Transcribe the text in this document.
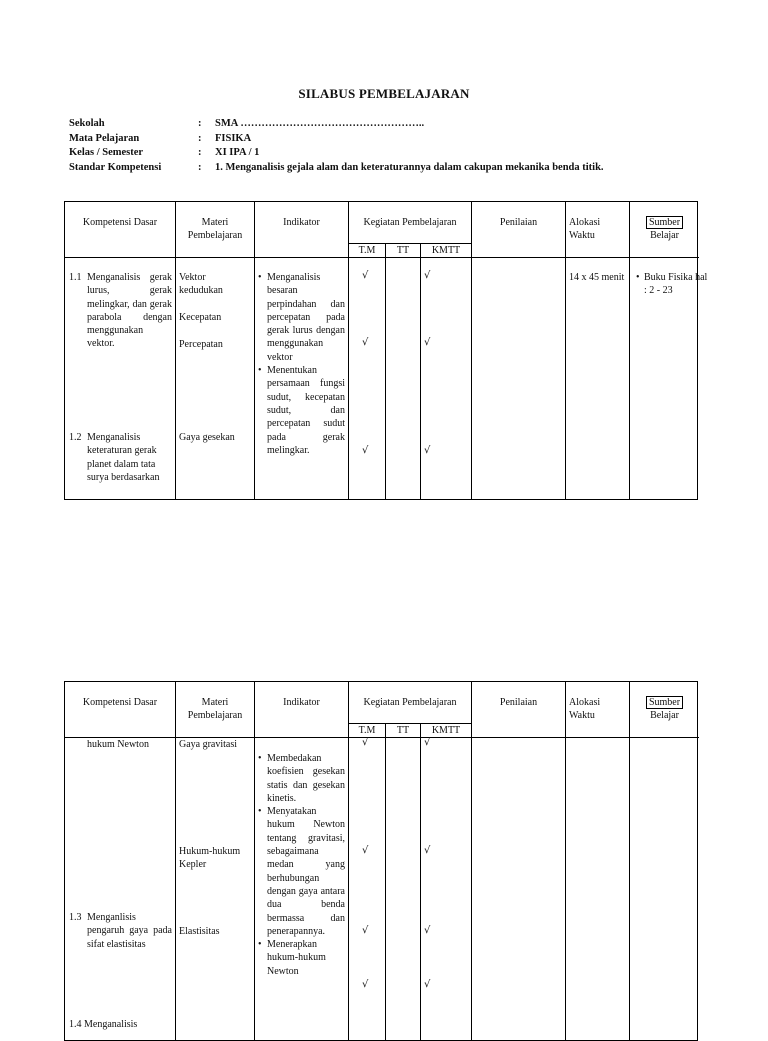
SILABUS PEMBELAJARAN
Sekolah	: SMA ……………………………………………..
Mata Pelajaran	: FISIKA
Kelas / Semester	: XI IPA / 1
Standar Kompetensi	: 1. Menganalisis gejala alam dan keteraturannya dalam cakupan mekanika benda titik.
Kompetensi Dasar	Materi Pembelajaran
Indikator	Kegiatan Pembelajaran	Penilaian	Alokasi Waktu
Sumber
Belajar
T.M	TT	KMTT
1.1 Menganalisis gerak lurus, gerak melingkar, dan gerak parabola dengan menggunakan vektor.
1.2 Menganalisis keteraturan gerak planet dalam tata surya berdasarkan
Vektor kedudukan
Kecepatan
Percepatan
Gaya gesekan
• Menganalisis besaran perpindahan dan percepatan pada gerak lurus dengan menggunakan vektor
• Menentukan persamaan fungsi sudut, kecepatan sudut, dan percepatan sudut pada gerak melingkar.
√	√
√	√
√	√
14 x 45 menit
•	Buku Fisika hal : 2 - 23
Kompetensi Dasar	Materi Pembelajaran
Indikator	Kegiatan Pembelajaran	Penilaian	Alokasi Waktu
Sumber
Belajar
T.M	TT	KMTT
hukum Newton
1.3 Menganlisis pengaruh gaya pada sifat elastisitas
1.4 Menganalisis
Gaya gravitasi
Hukum-hukum Kepler
Elastisitas
• Membedakan koefisien gesekan statis dan gesekan kinetis.
• Menyatakan hukum Newton tentang gravitasi, sebagaimana medan yang berhubungan dengan gaya antara dua benda bermassa dan penerapannya.
• Menerapkan hukum-hukum Newton
√	√
√	√
√	√
√	√
